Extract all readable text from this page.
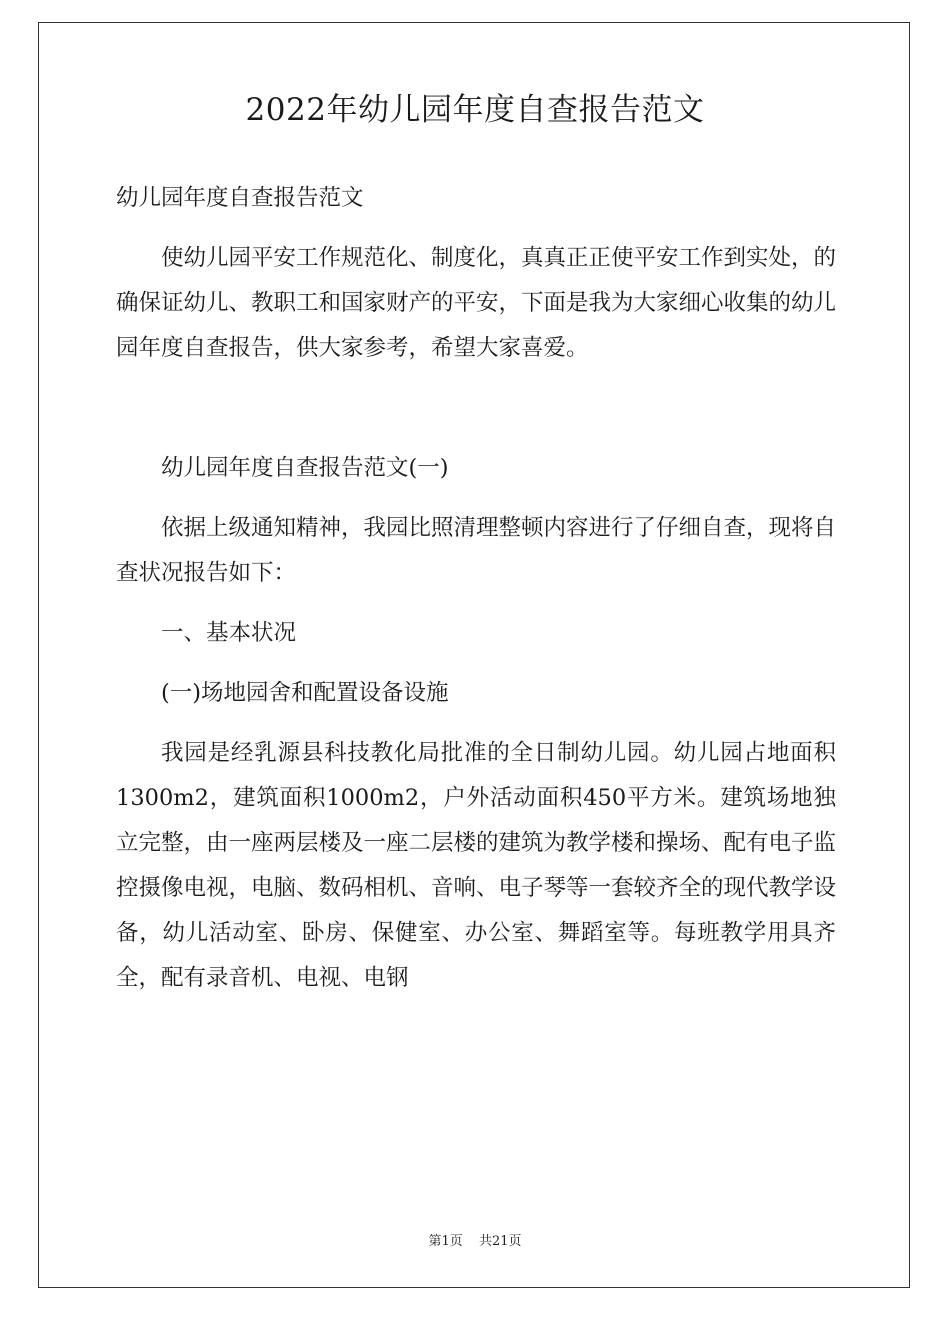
2022年幼儿园年度自查报告范文

幼儿园年度自查报告范文

使幼儿园平安工作规范化、制度化，真真正正使平安工作到实处，的确保证幼儿、教职工和国家财产的平安，下面是我为大家细心收集的幼儿园年度自查报告，供大家参考，希望大家喜爱。

幼儿园年度自查报告范文(一)

依据上级通知精神，我园比照清理整顿内容进行了仔细自查，现将自查状况报告如下：

一、基本状况

(一)场地园舍和配置设备设施

我园是经乳源县科技教化局批准的全日制幼儿园。幼儿园占地面积1300m2，建筑面积1000m2，户外活动面积450平方米。建筑场地独立完整，由一座两层楼及一座二层楼的建筑为教学楼和操场、配有电子监控摄像电视，电脑、数码相机、音响、电子琴等一套较齐全的现代教学设备，幼儿活动室、卧房、保健室、办公室、舞蹈室等。每班教学用具齐全，配有录音机、电视、电钢

第1页 共21页
